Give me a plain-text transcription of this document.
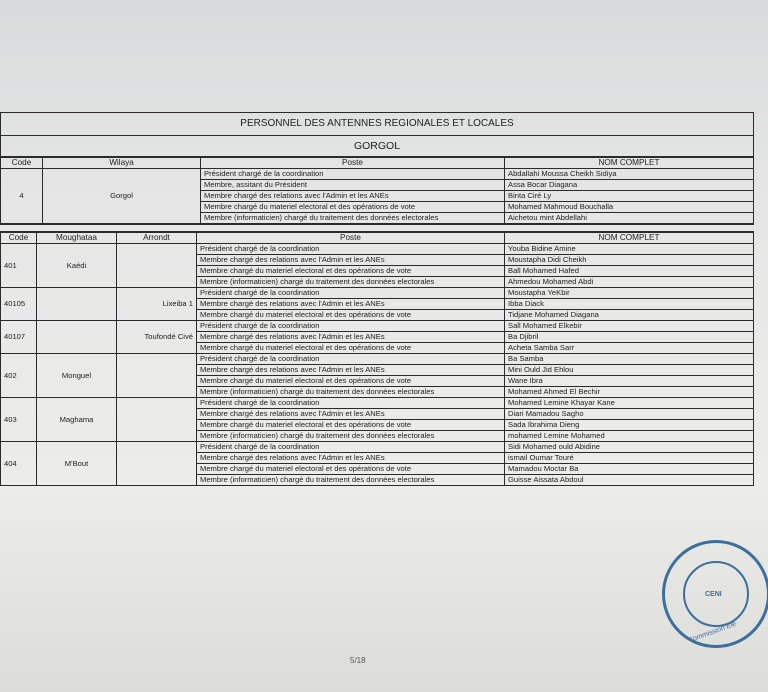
PERSONNEL DES ANTENNES REGIONALES ET LOCALES
GORGOL
Code	Wilaya	Poste	NOM COMPLET
4	Gorgol	Président chargé de la coordination	Abdallahi Moussa Cheikh Sidiya
		Membre, assitant du Président	Assa Bocar Diagana
		Membre chargé des relations avec l'Admin et les ANEs	Binta Ciré Ly
		Membre chargé du materiel electoral et des opérations de vote	Mohamed Mahmoud Bouchalla
		Membre (informaticien) chargé du traitement des données electorales	Aichetou mint Abdellahi
Code	Moughataa	Arrondt	Poste	NOM COMPLET
401	Kaédi		Président chargé de la coordination	Youba Bidine Amine
			Membre chargé des relations avec l'Admin et les ANEs	Moustapha Didi Cheikh
			Membre chargé du materiel electoral et des opérations de vote	Ball Mohamed Hafed
			Membre (informaticien) chargé du traitement des données electorales	Ahmedou Mohamed Abdi
40105		Lixeiba 1	Président chargé de la coordination	Moustapha YeKbir
			Membre chargé des relations avec l'Admin et les ANEs	Ibba Diack
			Membre chargé du materiel electoral et des opérations de vote	Tidjane Mohamed Diagana
40107		Toufondé Civé	Président chargé de la coordination	Sall Mohamed Elkebir
			Membre chargé des relations avec l'Admin et les ANEs	Ba Djibril
			Membre chargé du materiel electoral et des opérations de vote	Acheta Samba Sarr
402	Monguel		Président chargé de la coordination	Ba Samba
			Membre chargé des relations avec l'Admin et les ANEs	Mini Ould Jid Ehlou
			Membre chargé du materiel electoral et des opérations de vote	Wane Ibra
			Membre (informaticien) chargé du traitement des données electorales	Mohamed Ahmed El Bechir
403	Maghama		Président chargé de la coordination	Mohamed Lemine Khayar Kane
			Membre chargé des relations avec l'Admin et les ANEs	Diari Mamadou Sagho
			Membre chargé du materiel electoral et des opérations de vote	Sada Ibrahima Dieng
			Membre (informaticien) chargé du traitement des données electorales	mohamed Lemine Mohamed
404	M'Bout		Président chargé de la coordination	Sidi Mohamed ould Abidine
			Membre chargé des relations avec l'Admin et les ANEs	ismail Oumar Touré
			Membre chargé du materiel electoral et des opérations de vote	Mamadou Moctar Ba
			Membre (informaticien) chargé du traitement des données electorales	Guisse Aissata Abdoul
5/18
CENI
Commission Ele
